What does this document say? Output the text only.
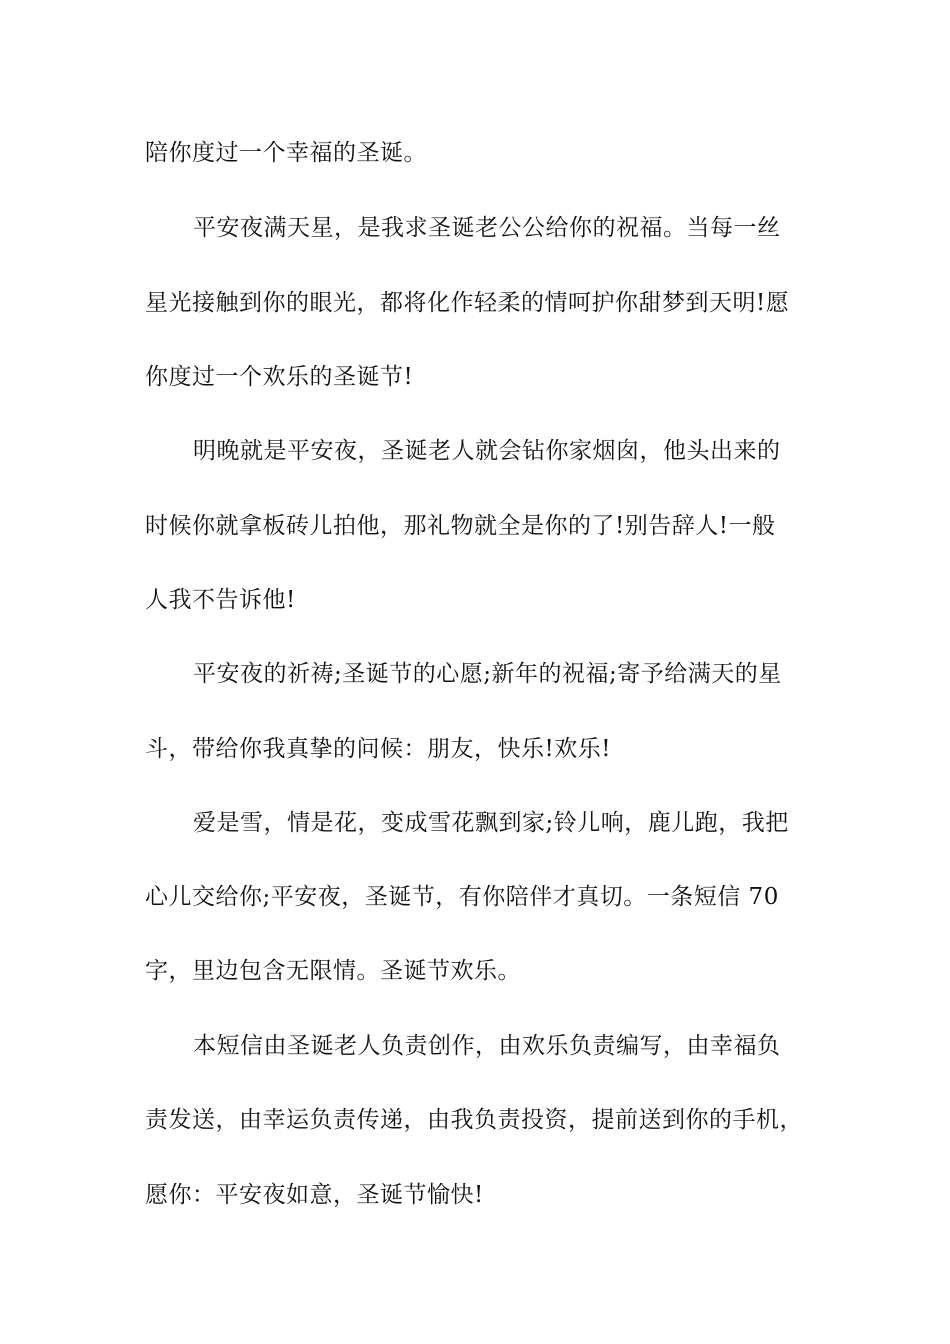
陪你度过一个幸福的圣诞。
平安夜满天星，是我求圣诞老公公给你的祝福。当每一丝
星光接触到你的眼光，都将化作轻柔的情呵护你甜梦到天明!愿
你度过一个欢乐的圣诞节!
明晚就是平安夜，圣诞老人就会钻你家烟囱，他头出来的
时候你就拿板砖儿拍他，那礼物就全是你的了!别告辞人!一般
人我不告诉他!
平安夜的祈祷;圣诞节的心愿;新年的祝福;寄予给满天的星
斗，带给你我真挚的问候：朋友，快乐!欢乐!
爱是雪，情是花，变成雪花飘到家;铃儿响，鹿儿跑，我把
心儿交给你;平安夜，圣诞节，有你陪伴才真切。一条短信 70
字，里边包含无限情。圣诞节欢乐。
本短信由圣诞老人负责创作，由欢乐负责编写，由幸福负
责发送，由幸运负责传递，由我负责投资，提前送到你的手机，
愿你：平安夜如意，圣诞节愉快!
